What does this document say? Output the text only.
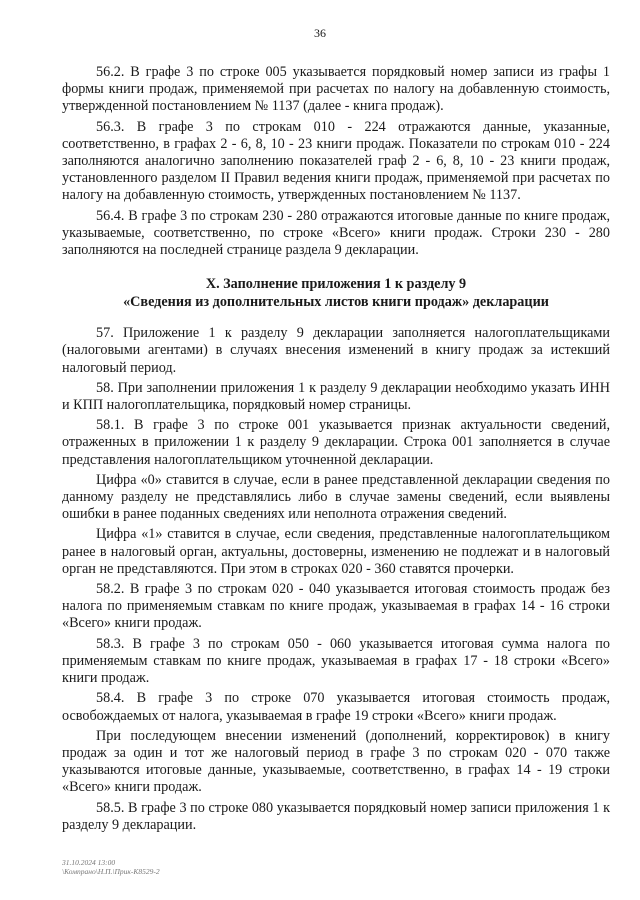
36

56.2. В графе 3 по строке 005 указывается порядковый номер записи из графы 1 формы книги продаж, применяемой при расчетах по налогу на добавленную стоимость, утвержденной постановлением № 1137 (далее - книга продаж).

56.3. В графе 3 по строкам 010 - 224 отражаются данные, указанные, соответственно, в графах 2 - 6, 8, 10 - 23 книги продаж. Показатели по строкам 010 - 224 заполняются аналогично заполнению показателей граф 2 - 6, 8, 10 - 23 книги продаж, установленного разделом II Правил ведения книги продаж, применяемой при расчетах по налогу на добавленную стоимость, утвержденных постановлением № 1137.

56.4. В графе 3 по строкам 230 - 280 отражаются итоговые данные по книге продаж, указываемые, соответственно, по строке «Всего» книги продаж. Строки 230 - 280 заполняются на последней странице раздела 9 декларации.

X. Заполнение приложения 1 к разделу 9
«Сведения из дополнительных листов книги продаж» декларации

57. Приложение 1 к разделу 9 декларации заполняется налогоплательщиками (налоговыми агентами) в случаях внесения изменений в книгу продаж за истекший налоговый период.

58. При заполнении приложения 1 к разделу 9 декларации необходимо указать ИНН и КПП налогоплательщика, порядковый номер страницы.

58.1. В графе 3 по строке 001 указывается признак актуальности сведений, отраженных в приложении 1 к разделу 9 декларации. Строка 001 заполняется в случае представления налогоплательщиком уточненной декларации.

Цифра «0» ставится в случае, если в ранее представленной декларации сведения по данному разделу не представлялись либо в случае замены сведений, если выявлены ошибки в ранее поданных сведениях или неполнота отражения сведений.

Цифра «1» ставится в случае, если сведения, представленные налогоплательщиком ранее в налоговый орган, актуальны, достоверны, изменению не подлежат и в налоговый орган не представляются. При этом в строках 020 - 360 ставятся прочерки.

58.2. В графе 3 по строкам 020 - 040 указывается итоговая стоимость продаж без налога по применяемым ставкам по книге продаж, указываемая в графах 14 - 16 строки «Всего» книги продаж.

58.3. В графе 3 по строкам 050 - 060 указывается итоговая сумма налога по применяемым ставкам по книге продаж, указываемая в графах 17 - 18 строки «Всего» книги продаж.

58.4. В графе 3 по строке 070 указывается итоговая стоимость продаж, освобождаемых от налога, указываемая в графе 19 строки «Всего» книги продаж.

При последующем внесении изменений (дополнений, корректировок) в книгу продаж за один и тот же налоговый период в графе 3 по строкам 020 - 070 также указываются итоговые данные, указываемые, соответственно, в графах 14 - 19 строки «Всего» книги продаж.

58.5. В графе 3 по строке 080 указывается порядковый номер записи приложения 1 к разделу 9 декларации.

31.10.2024 13:00
\Компрано\Н.П.\Прик-К8529-2
